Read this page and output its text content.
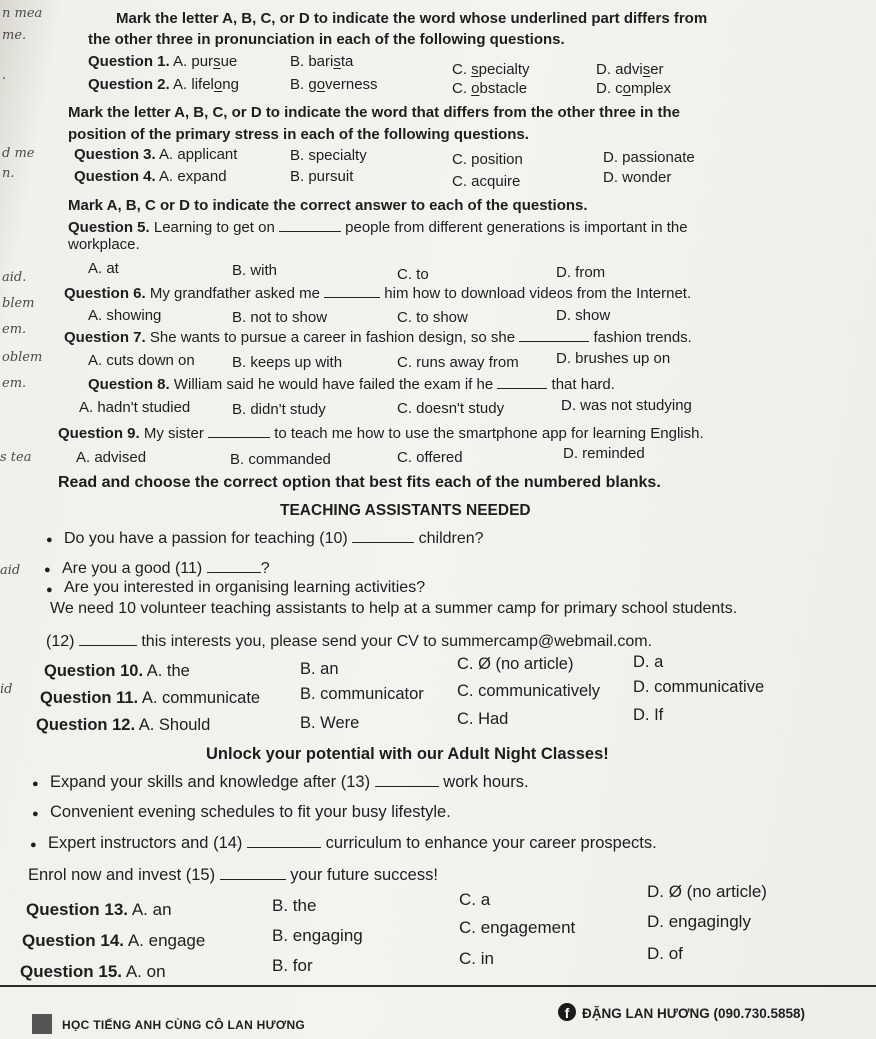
n mea
me.
.
d me
n.
aid.
blem
em.
oblem
em.
s tea
aid
id
Mark the letter A, B, C, or D to indicate the word whose underlined part differs from
the other three in pronunciation in each of the following questions.
Question 1. A. pursue	B. barista	C. specialty	D. adviser
Question 2. A. lifelong	B. governess	C. obstacle	D. complex
Mark the letter A, B, C, or D to indicate the word that differs from the other three in the
position of the primary stress in each of the following questions.
Question 3. A. applicant	B. specialty	C. position	D. passionate
Question 4. A. expand	B. pursuit	C. acquire	D. wonder
Mark A, B, C or D to indicate the correct answer to each of the questions.
Question 5. Learning to get on	people from different generations is important in the
workplace.
A. at	B. with	C. to	D. from
Question 6. My grandfather asked me	him how to download videos from the Internet.
A. showing	B. not to show	C. to show	D. show
Question 7. She wants to pursue a career in fashion design, so she	fashion trends.
A. cuts down on B. keeps up with	C. runs away from D. brushes up on
Question 8. William said he would have failed the exam if he	that hard.
A. hadn't studied	B. didn't study	C. doesn't study	D. was not studying
Question 9. My sister	to teach me how to use the smartphone app for learning English.
A. advised	B. commanded	C. offered	D. reminded
Read and choose the correct option that best fits each of the numbered blanks.
TEACHING ASSISTANTS NEEDED
● Do you have a passion for teaching (10)	children?
● Are you a good (11)	?
● Are you interested in organising learning activities?
We need 10 volunteer teaching assistants to help at a summer camp for primary school students.
(12)	this interests you, please send your CV to summercamp@webmail.com.
Question 10. A. the	B. an	C. Ø (no article)	D. a
Question 11. A. communicate B. communicator C. communicatively D. communicative
Question 12. A. Should	B. Were	C. Had	D. If
Unlock your potential with our Adult Night Classes!
● Expand your skills and knowledge after (13)	work hours.
● Convenient evening schedules to fit your busy lifestyle.
● Expert instructors and (14)	curriculum to enhance your career prospects.
Enrol now and invest (15)	your future success!
Question 13. A. an	B. the	C. a	D. Ø (no article)
Question 14. A. engage	B. engaging	C. engagement	D. engagingly
Question 15. A. on	B. for	C. in	D. of
HỌC TIẾNG ANH CÙNG CÔ LAN HƯƠNG
f ĐẶNG LAN HƯƠNG (090.730.5858)
